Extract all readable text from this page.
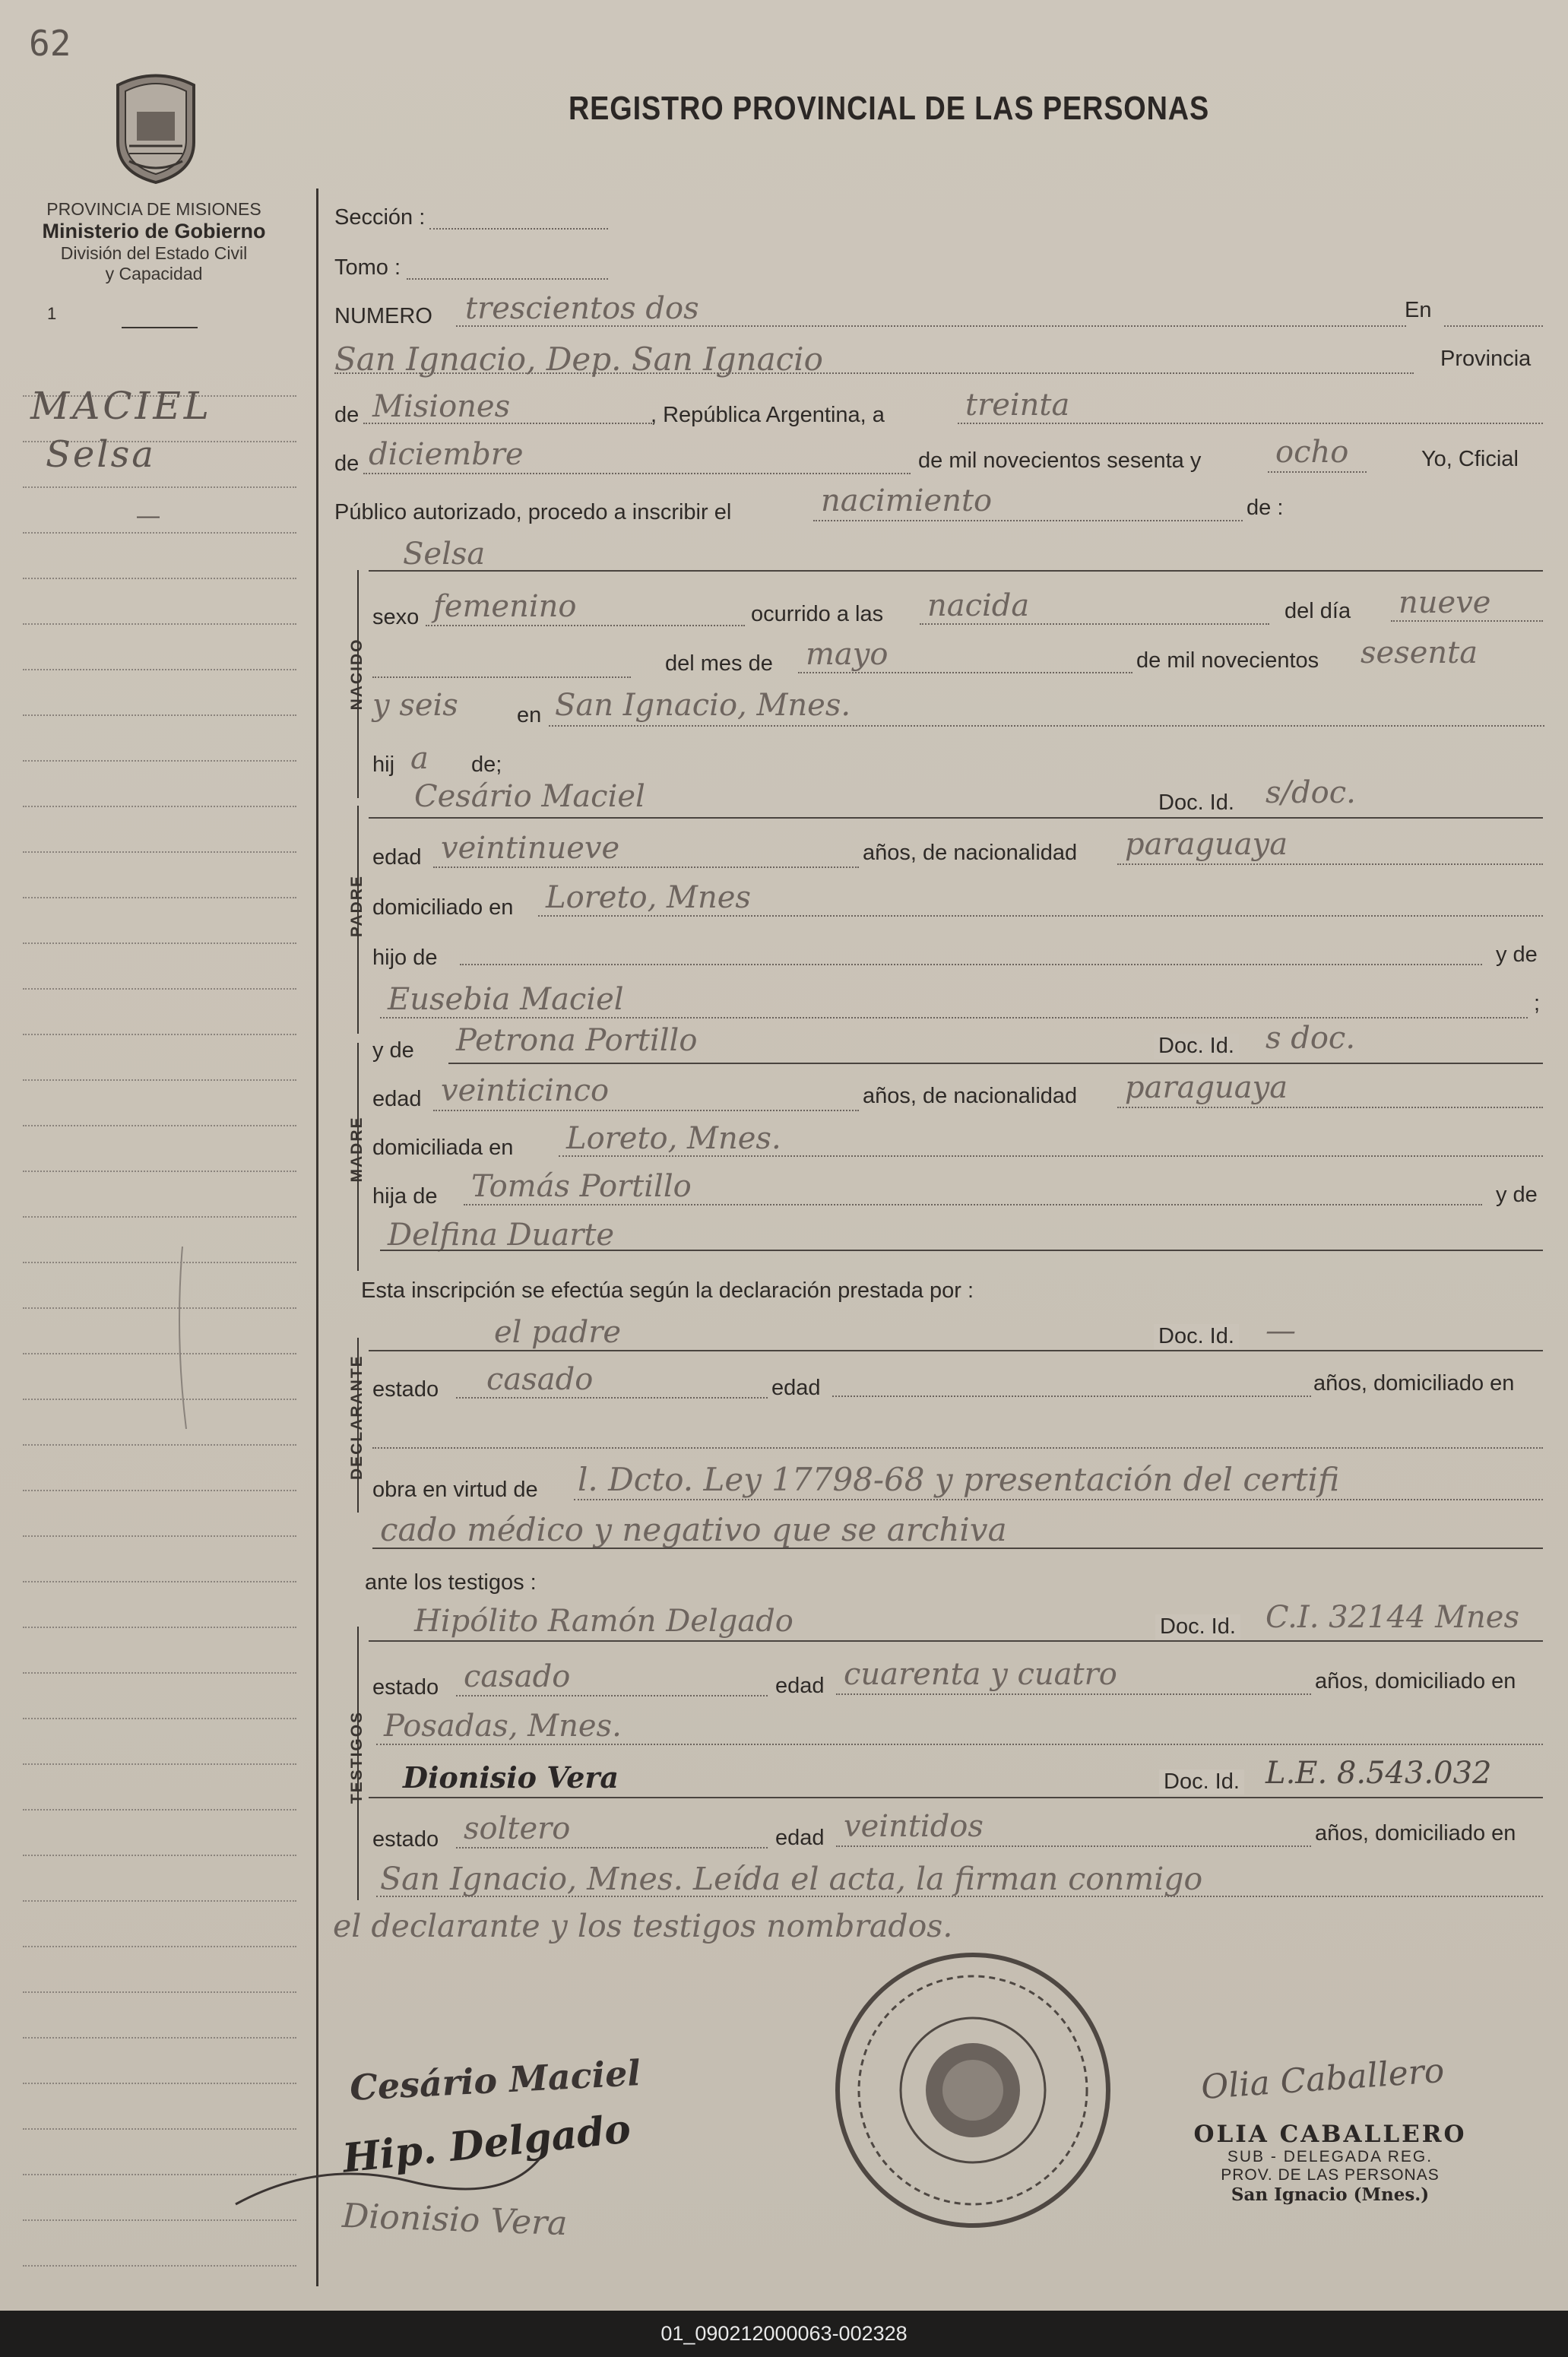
62
PROVINCIA DE MISIONES
Ministerio de Gobierno
División del Estado Civil
y Capacidad
1
REGISTRO PROVINCIAL DE LAS PERSONAS
MACIEL
Selsa
—
Sección :
Tomo :
NUMERO trescientos dos	En
San Ignacio, Dep. San Ignacio	Provincia
de Misiones	, República Argentina, a	treinta
de diciembre	de mil novecientos sesenta y ocho	Yo, Cficial
Público autorizado, procedo a inscribir el	nacimiento	de :
NACIDO
Selsa
sexo femenino	ocurrido a las nacida	del día nueve
del mes de mayo	de mil novecientos sesenta
y seis	en San Ignacio, Mnes.
hij a de;
PADRE
Cesário Maciel	Doc. Id. s/doc.
edad veintinueve	años, de nacionalidad paraguaya
domiciliado en Loreto, Mnes
hijo de	y de
Eusebia Maciel	;
MADRE
y de Petrona Portillo	Doc. Id. s doc.
edad veinticinco	años, de nacionalidad paraguaya
domiciliada en Loreto, Mnes.
hija de Tomás Portillo	y de
Delfina Duarte
Esta inscripción se efectúa según la declaración prestada por :
DECLARANTE
el padre	Doc. Id. —
estado casado	edad	años, domiciliado en
obra en virtud de l. Dcto. Ley 17798-68 y presentación del certifi
cado médico y negativo que se archiva
ante los testigos :
TESTIGOS
Hipólito Ramón Delgado	Doc. Id. C.I. 32144 Mnes
estado casado	edad cuarenta y cuatro	años, domiciliado en
Posadas, Mnes.
Dionisio Vera	Doc. Id. L.E. 8.543.032
estado soltero	edad veintidos	años, domiciliado en
San Ignacio, Mnes. Leída el acta, la firman conmigo
el declarante y los testigos nombrados.
Cesário Maciel
Hip. Delgado
Dionisio Vera
Olia Caballero
OLIA CABALLERO
SUB - DELEGADA REG.
PROV. DE LAS PERSONAS
San Ignacio (Mnes.)
01_090212000063-002328
